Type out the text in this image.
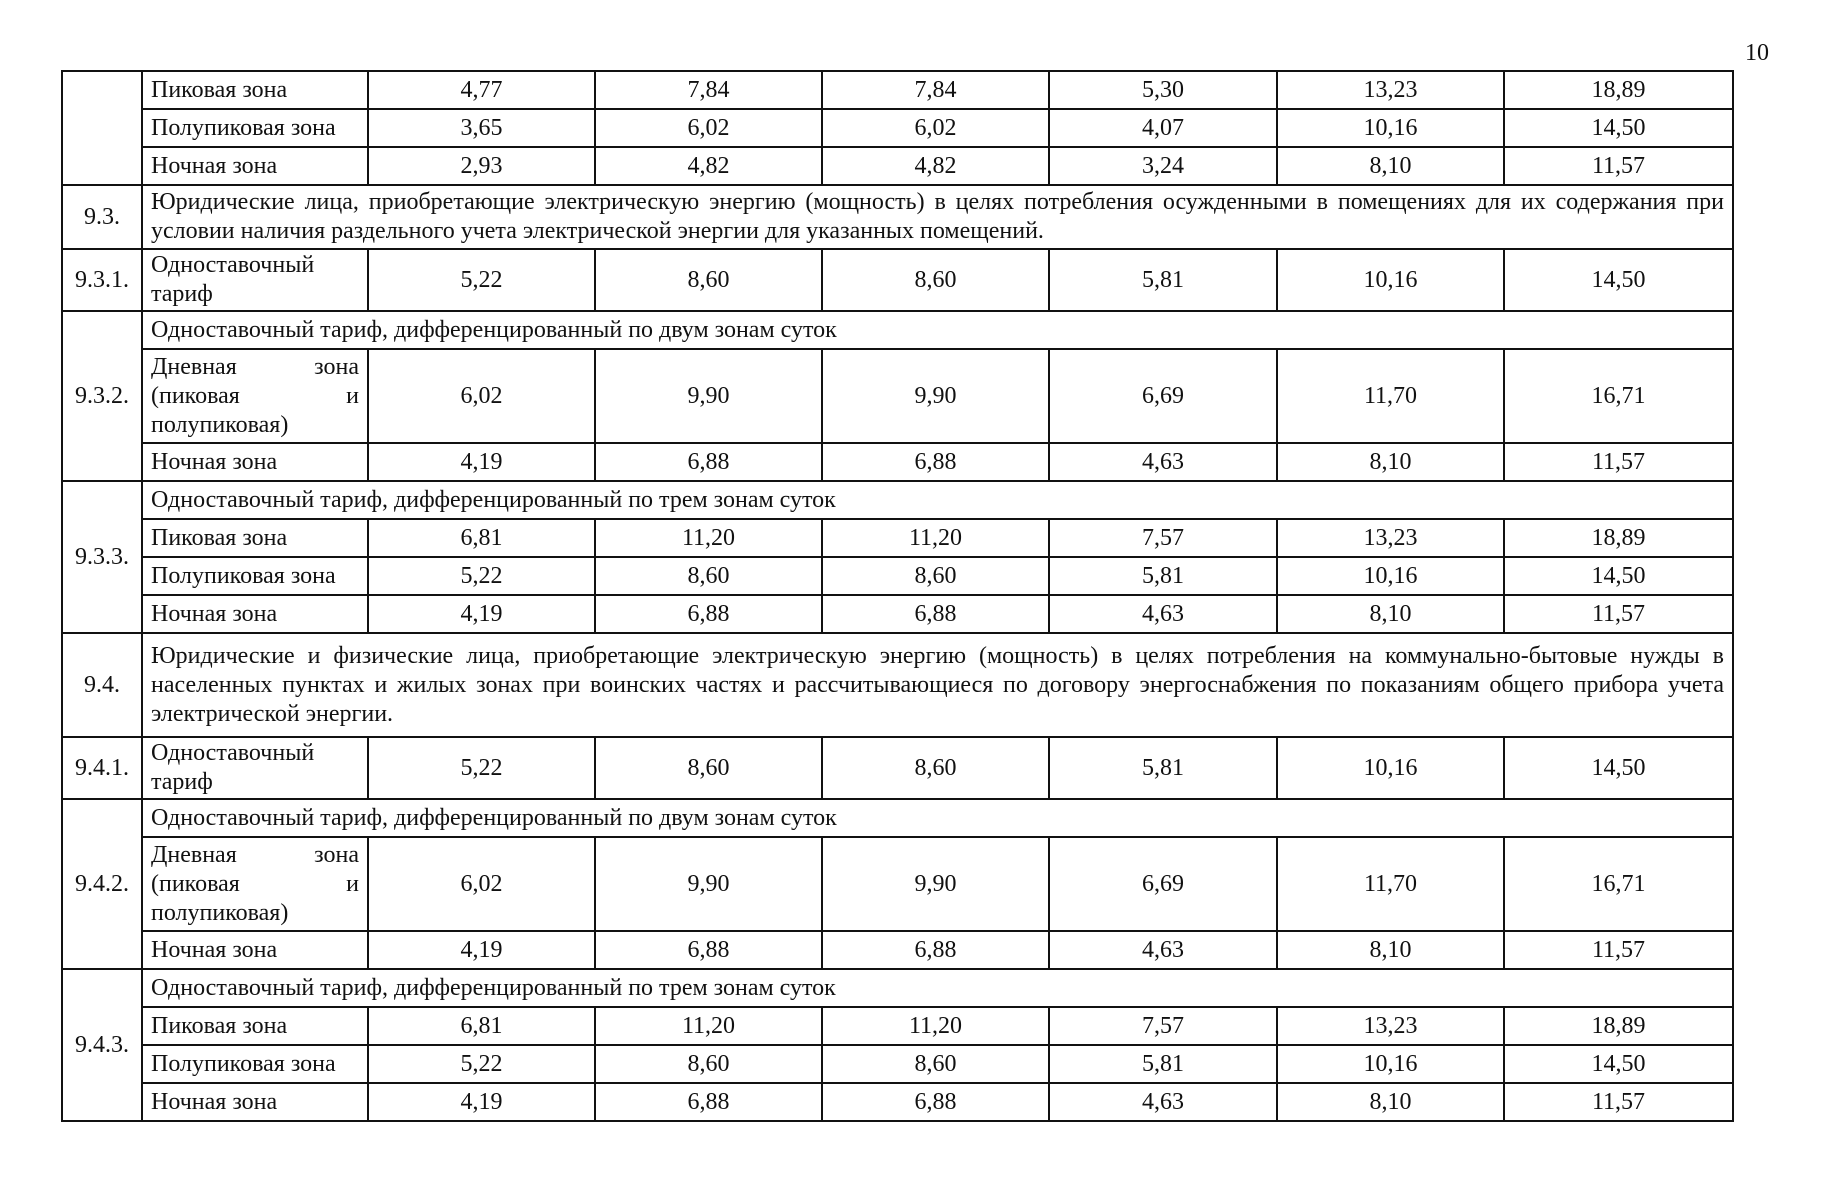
10
	Пиковая зона	4,77	7,84	7,84	5,30	13,23	18,89
	Полупиковая зона	3,65	6,02	6,02	4,07	10,16	14,50
	Ночная зона	2,93	4,82	4,82	3,24	8,10	11,57
9.3.	Юридические лица, приобретающие электрическую энергию (мощность) в целях потребления осужденными в помещениях для их содержания при условии наличия раздельного учета электрической энергии для указанных помещений.						
9.3.1.	Одноставочный тариф	5,22	8,60	8,60	5,81	10,16	14,50
9.3.2.	Одноставочный тариф, дифференцированный по двум зонам суток						
	Дневная зона (пиковая и полупиковая)	6,02	9,90	9,90	6,69	11,70	16,71
	Ночная зона	4,19	6,88	6,88	4,63	8,10	11,57
9.3.3.	Одноставочный тариф, дифференцированный по трем зонам суток						
	Пиковая зона	6,81	11,20	11,20	7,57	13,23	18,89
	Полупиковая зона	5,22	8,60	8,60	5,81	10,16	14,50
	Ночная зона	4,19	6,88	6,88	4,63	8,10	11,57
9.4.	Юридические и физические лица, приобретающие электрическую энергию (мощность) в целях потребления на коммунально-бытовые нужды в населенных пунктах и жилых зонах при воинских частях и рассчитывающиеся по договору энергоснабжения по показаниям общего прибора учета электрической энергии.						
9.4.1.	Одноставочный тариф	5,22	8,60	8,60	5,81	10,16	14,50
9.4.2.	Одноставочный тариф, дифференцированный по двум зонам суток						
	Дневная зона (пиковая и полупиковая)	6,02	9,90	9,90	6,69	11,70	16,71
	Ночная зона	4,19	6,88	6,88	4,63	8,10	11,57
9.4.3.	Одноставочный тариф, дифференцированный по трем зонам суток						
	Пиковая зона	6,81	11,20	11,20	7,57	13,23	18,89
	Полупиковая зона	5,22	8,60	8,60	5,81	10,16	14,50
	Ночная зона	4,19	6,88	6,88	4,63	8,10	11,57
